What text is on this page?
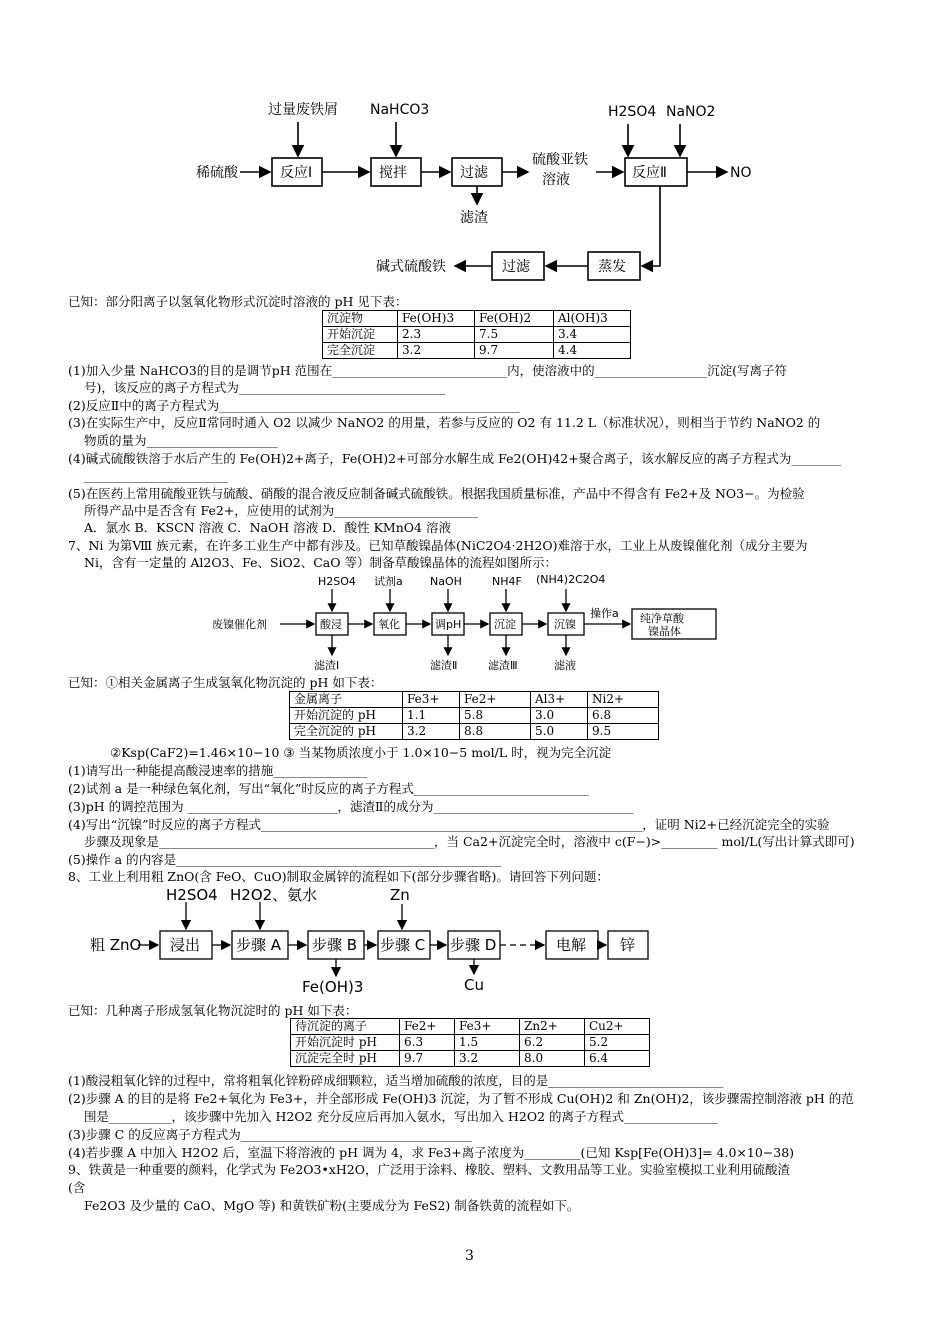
过量废铁屑 NaHCO3	H2SO4 NaNO2
稀硫酸	反应Ⅰ	搅拌	过滤
硫酸亚铁
溶液	反应Ⅱ	NO
滤渣
蒸发
过滤
碱式硫酸铁
已知：部分阳离子以氢氧化物形式沉淀时溶液的 pH 见下表：
沉淀物	Fe(OH)3	Fe(OH)2	Al(OH)3
开始沉淀	2.3	7.5	3.4
完全沉淀	3.2	9.7	4.4
(1)加入少量 NaHCO3的目的是调节pH 范围在____________________________内，使溶液中的__________________沉淀(写离子符
号)，该反应的离子方程式为_________________________________
(2)反应Ⅱ中的离子方程式为________________________________________________
(3)在实际生产中，反应Ⅱ常同时通入 O2 以减少 NaNO2 的用量，若参与反应的 O2 有 11.2 L（标准状况），则相当于节约 NaNO2 的
物质的量为_____________________
(4)碱式硫酸铁溶于水后产生的 Fe(OH)2+离子，Fe(OH)2+可部分水解生成 Fe2(OH)42+聚合离子，该水解反应的离子方程式为________
_______________________
(5)在医药上常用硫酸亚铁与硫酸、硝酸的混合液反应制备碱式硫酸铁。根据我国质量标准，产品中不得含有 Fe2+及 NO3−。为检验
所得产品中是否含有 Fe2+，应使用的试剂为_______________________
A．氯水 B．KSCN 溶液 C．NaOH 溶液 D．酸性 KMnO4 溶液
7、Ni 为第Ⅷ 族元素，在许多工业生产中都有涉及。已知草酸镍晶体(NiC2O4·2H2O)难溶于水，工业上从废镍催化剂（成分主要为
Ni，含有一定量的 Al2O3、Fe、SiO2、CaO 等）制备草酸镍晶体的流程如图所示：
废镍催化剂
H2SO4 试剂a NaOH	NH4F (NH4)2C2O4
酸浸	氧化	调pH	沉淀	沉镍
操作a 纯净草酸
镍晶体
滤渣Ⅰ	滤渣Ⅱ	滤渣Ⅲ	滤液
已知：①相关金属离子生成氢氧化物沉淀的 pH 如下表：
金属离子	Fe3+	Fe2+	Al3+	Ni2+
开始沉淀的 pH	1.1	5.8	3.0	6.8
完全沉淀的 pH	3.2	8.8	5.0	9.5
②Ksp(CaF2)=1.46×10−10 ③ 当某物质浓度小于 1.0×10−5 mol/L 时，视为完全沉淀
(1)请写出一种能提高酸浸速率的措施_______________
(2)试剂 a 是一种绿色氧化剂，写出“氧化”时反应的离子方程式____________________________
(3)pH 的调控范围为 ________________________，滤渣Ⅱ的成分为________________________________
(4)写出“沉镍”时反应的离子方程式_____________________________________________________________，证明 Ni2+已经沉淀完全的实验
步骤及现象是____________________________________________，当 Ca2+沉淀完全时，溶液中 c(F−)>_________ mol/L(写出计算式即可)
(5)操作 a 的内容是____________________________________________________
8、工业上利用粗 ZnO(含 FeO、CuO)制取金属锌的流程如下(部分步骤省略)。请回答下列问题：
H2SO4 H2O2、氨水	Zn
粗 ZnO 浸出 步骤 A 步骤 B 步骤 C 步骤 D	电解 锌
Fe(OH)3	Cu
已知：几种离子形成氢氧化物沉淀时的 pH 如下表：
待沉淀的离子	Fe2+	Fe3+	Zn2+	Cu2+
开始沉淀时 pH	6.3	1.5	6.2	5.2
沉淀完全时 pH	9.7	3.2	8.0	6.4
(1)酸浸粗氧化锌的过程中，常将粗氧化锌粉碎成细颗粒，适当增加硫酸的浓度，目的是____________________________
(2)步骤 A 的目的是将 Fe2+氧化为 Fe3+，并全部形成 Fe(OH)3 沉淀，为了暂不形成 Cu(OH)2 和 Zn(OH)2，该步骤需控制溶液 pH 的范
围是__________，该步骤中先加入 H2O2 充分反应后再加入氨水，写出加入 H2O2 的离子方程式_______________
(3)步骤 C 的反应离子方程式为_____________________________________
(4)若步骤 A 中加入 H2O2 后，室温下将溶液的 pH 调为 4，求 Fe3+离子浓度为_________(已知 Ksp[Fe(OH)3]= 4.0×10−38)
9、铁黄是一种重要的颜料，化学式为 Fe2O3•xH2O，广泛用于涂料、橡胶、塑料、文教用品等工业。实验室模拟工业利用硫酸渣
(含
Fe2O3 及少量的 CaO、MgO 等) 和黄铁矿粉(主要成分为 FeS2) 制备铁黄的流程如下。
3
